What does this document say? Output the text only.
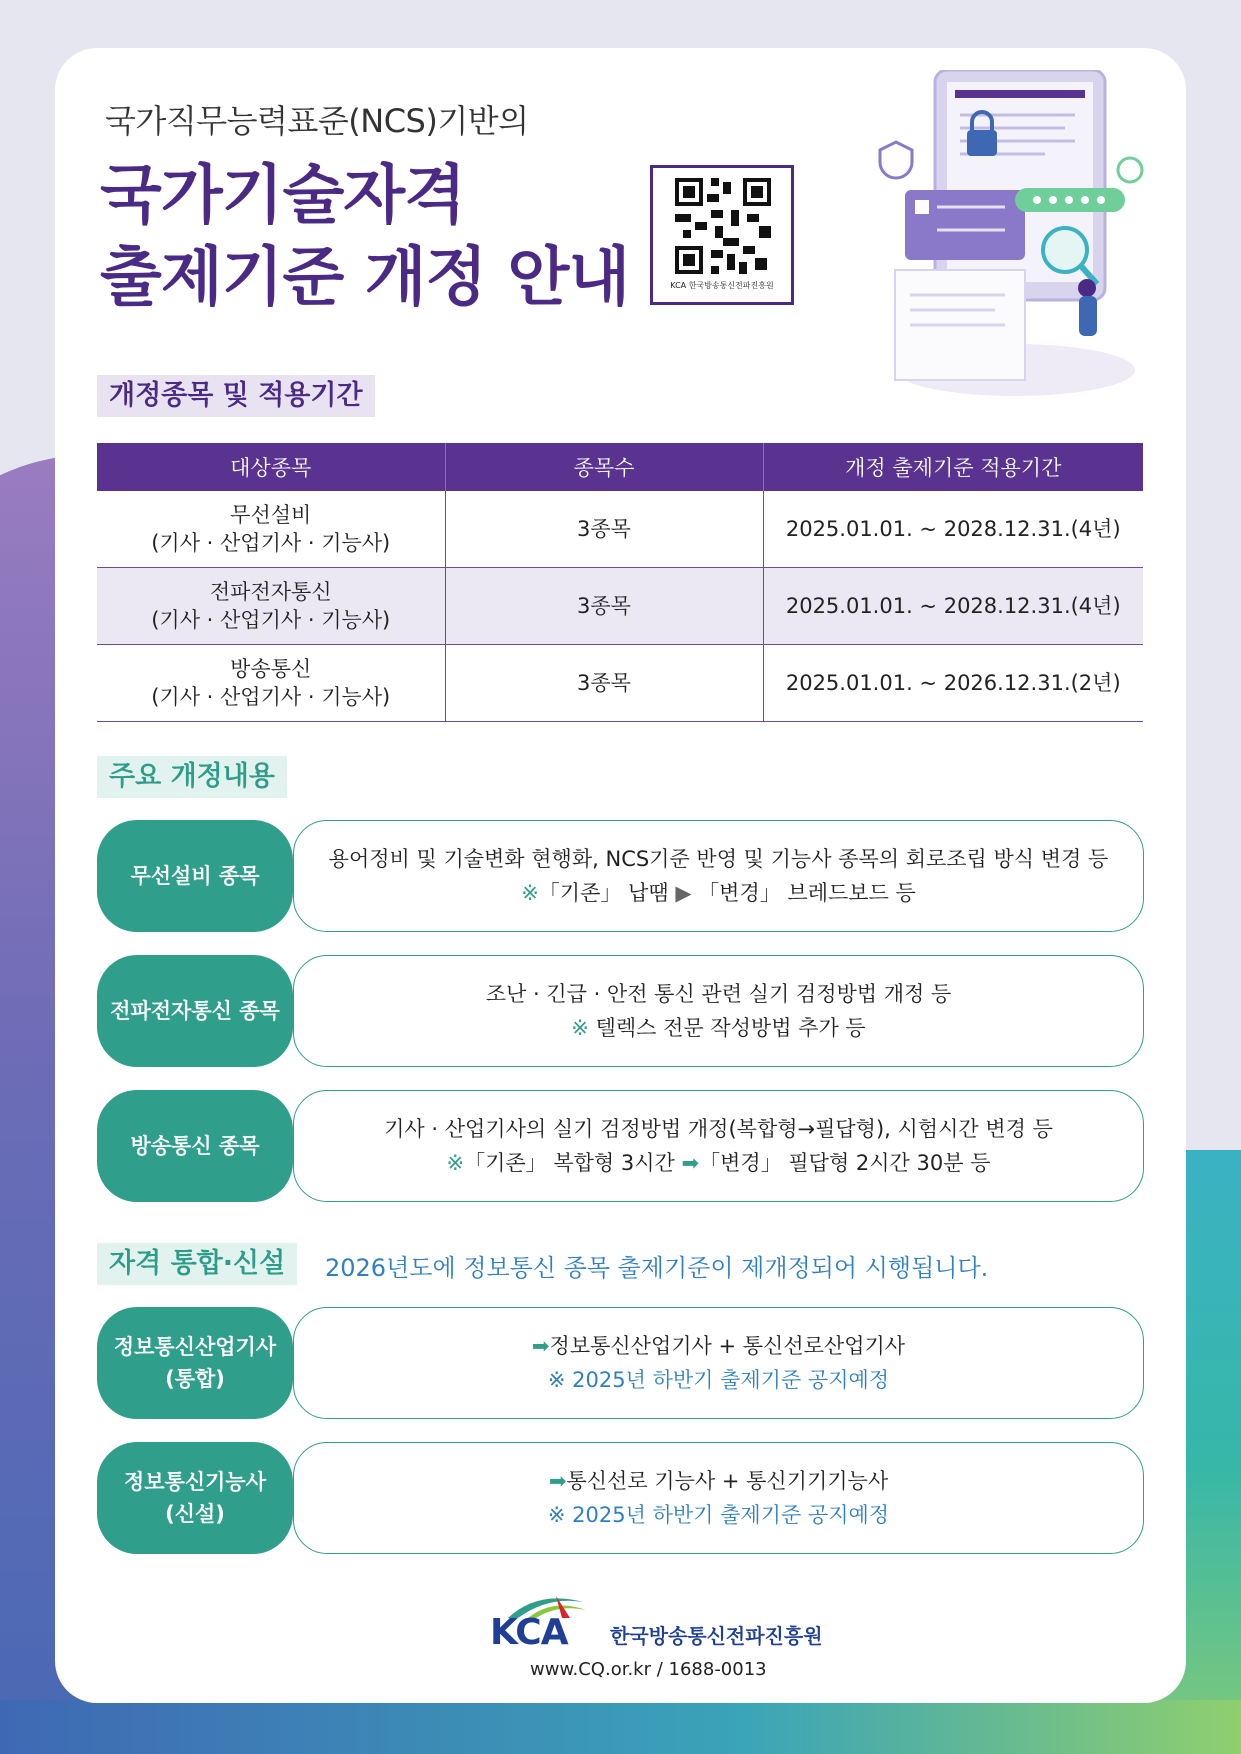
국가직무능력표준(NCS)기반의
국가기술자격
출제기준 개정 안내	KCA 한국방송통신전파진흥원
개정종목 및 적용기간
대상종목	종목수	개정 출제기준 적용기간

무선설비
(기사 · 산업기사 · 기능사)	3종목	2025.01.01. ~ 2028.12.31.(4년)

전파전자통신
(기사 · 산업기사 · 기능사)	3종목	2025.01.01. ~ 2028.12.31.(4년)

방송통신
(기사 · 산업기사 · 기능사)	3종목	2025.01.01. ~ 2026.12.31.(2년)
주요 개정내용
무선설비 종목
용어정비 및 기술변화 현행화, NCS기준 반영 및 기능사 종목의 회로조립 방식 변경 등
※「기존」 납땜 ▶ 「변경」 브레드보드 등
전파전자통신 종목
조난 · 긴급 · 안전 통신 관련 실기 검정방법 개정 등
※ 텔렉스 전문 작성방법 추가 등
방송통신 종목
기사 · 산업기사의 실기 검정방법 개정(복합형→필답형), 시험시간 변경 등
※「기존」 복합형 3시간 ➡「변경」 필답형 2시간 30분 등
자격 통합·신설	2026년도에 정보통신 종목 출제기준이 제개정되어 시행됩니다.
정보통신산업기사
(통합)
➡정보통신산업기사 + 통신선로산업기사
※ 2025년 하반기 출제기준 공지예정
정보통신기능사
(신설)
➡통신선로 기능사 + 통신기기기능사
※ 2025년 하반기 출제기준 공지예정
KCA 한국방송통신전파진흥원
www.CQ.or.kr / 1688-0013
